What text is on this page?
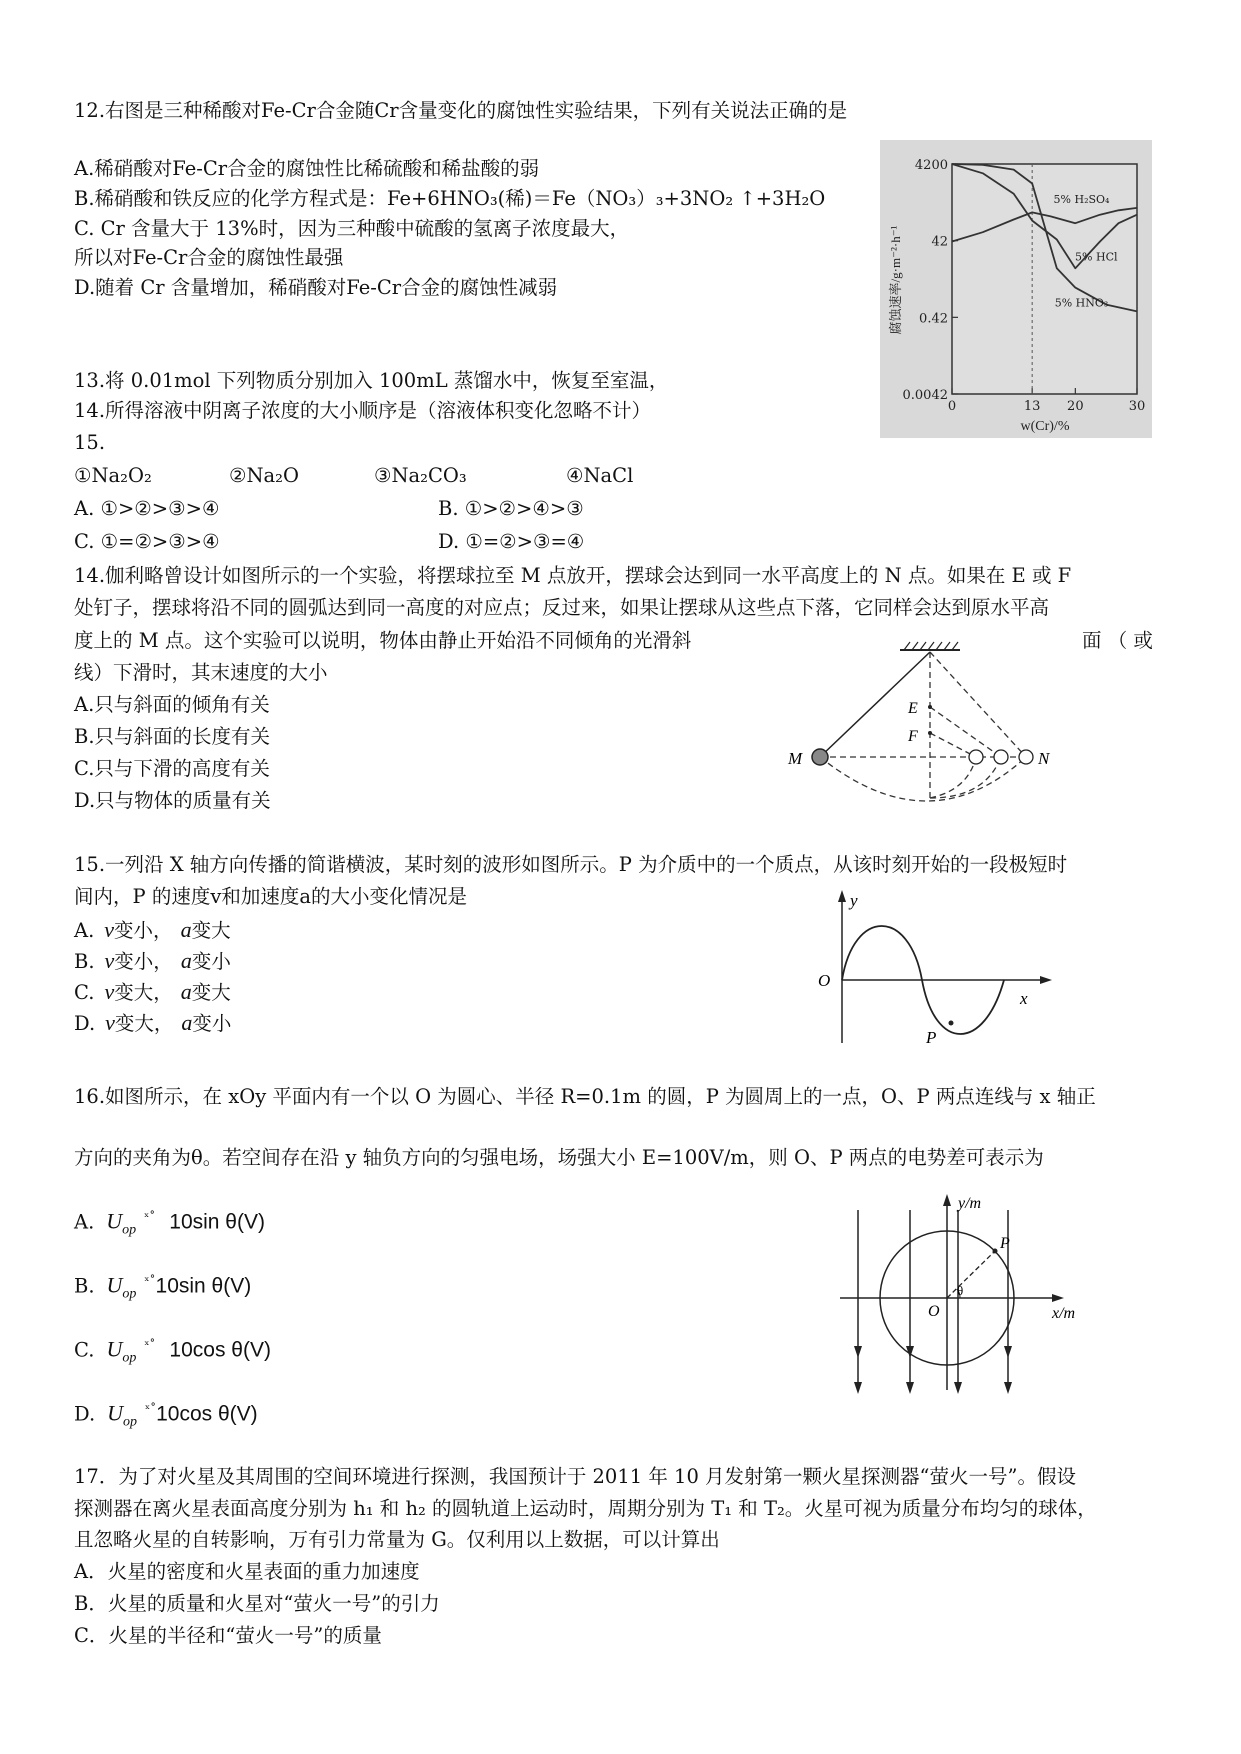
12.右图是三种稀酸对Fe-Cr合金随Cr含量变化的腐蚀性实验结果，下列有关说法正确的是
A.稀硝酸对Fe-Cr合金的腐蚀性比稀硫酸和稀盐酸的弱
B.稀硝酸和铁反应的化学方程式是：Fe+6HNO₃(稀)＝Fe（NO₃）₃+3NO₂ ↑+3H₂O
C. Cr 含量大于 13%时，因为三种酸中硫酸的氢离子浓度最大，
所以对Fe-Cr合金的腐蚀性最强
D.随着 Cr 含量增加，稀硝酸对Fe-Cr合金的腐蚀性减弱
4200
42
0.42
0.0042
0	13 20	30
5% H₂SO₄
5% HCl
5% HNO₃
腐蚀速率/g·m⁻²·h⁻¹
w(Cr)/%
13.将 0.01mol 下列物质分别加入 100mL 蒸馏水中，恢复至室温，
14.所得溶液中阴离子浓度的大小顺序是（溶液体积变化忽略不计）
15.
①Na₂O₂	②Na₂O	③Na₂CO₃	④NaCl
A. ①>②>③>④	B. ①>②>④>③
C. ①=②>③>④	D. ①=②>③=④
14.伽利略曾设计如图所示的一个实验，将摆球拉至 M 点放开，摆球会达到同一水平高度上的 N 点。如果在 E 或 F
处钉子，摆球将沿不同的圆弧达到同一高度的对应点；反过来，如果让摆球从这些点下落，它同样会达到原水平高
度上的 M 点。这个实验可以说明，物体由静止开始沿不同倾角的光滑斜	面 （ 或
线）下滑时，其末速度的大小
A.只与斜面的倾角有关
B.只与斜面的长度有关
C.只与下滑的高度有关
D.只与物体的质量有关
E
F
M	N
15.一列沿 X 轴方向传播的简谐横波，某时刻的波形如图所示。P 为介质中的一个质点，从该时刻开始的一段极短时
间内，P 的速度v和加速度a的大小变化情况是
A. v变小， a变大
B. v变小， a变小
C. v变大， a变大
D. v变大， a变小
y
O
x
P
16.如图所示，在 xOy 平面内有一个以 O 为圆心、半径 R=0.1m 的圆，P 为圆周上的一点，O、P 两点连线与 x 轴正
方向的夹角为θ。若空间存在沿 y 轴负方向的匀强电场，场强大小 E=100V/m，则 O、P 两点的电势差可表示为
A. $U_{op}^{ˣ˚}$ 10sin θ(V)
B. $U_{op}^{ˣ˚}10\sin$ θ(V)
C. $U_{op}^{ˣ˚}$ 10cos θ(V)
D. $U_{op}^{ˣ˚}10\cos$ θ(V)
y/m
x/m
O
P
θ
17．为了对火星及其周围的空间环境进行探测，我国预计于 2011 年 10 月发射第一颗火星探测器“萤火一号”。假设
探测器在离火星表面高度分别为 h₁ 和 h₂ 的圆轨道上运动时，周期分别为 T₁ 和 T₂。火星可视为质量分布均匀的球体，
且忽略火星的自转影响，万有引力常量为 G。仅利用以上数据，可以计算出
A．火星的密度和火星表面的重力加速度
B．火星的质量和火星对“萤火一号”的引力
C．火星的半径和“萤火一号”的质量
